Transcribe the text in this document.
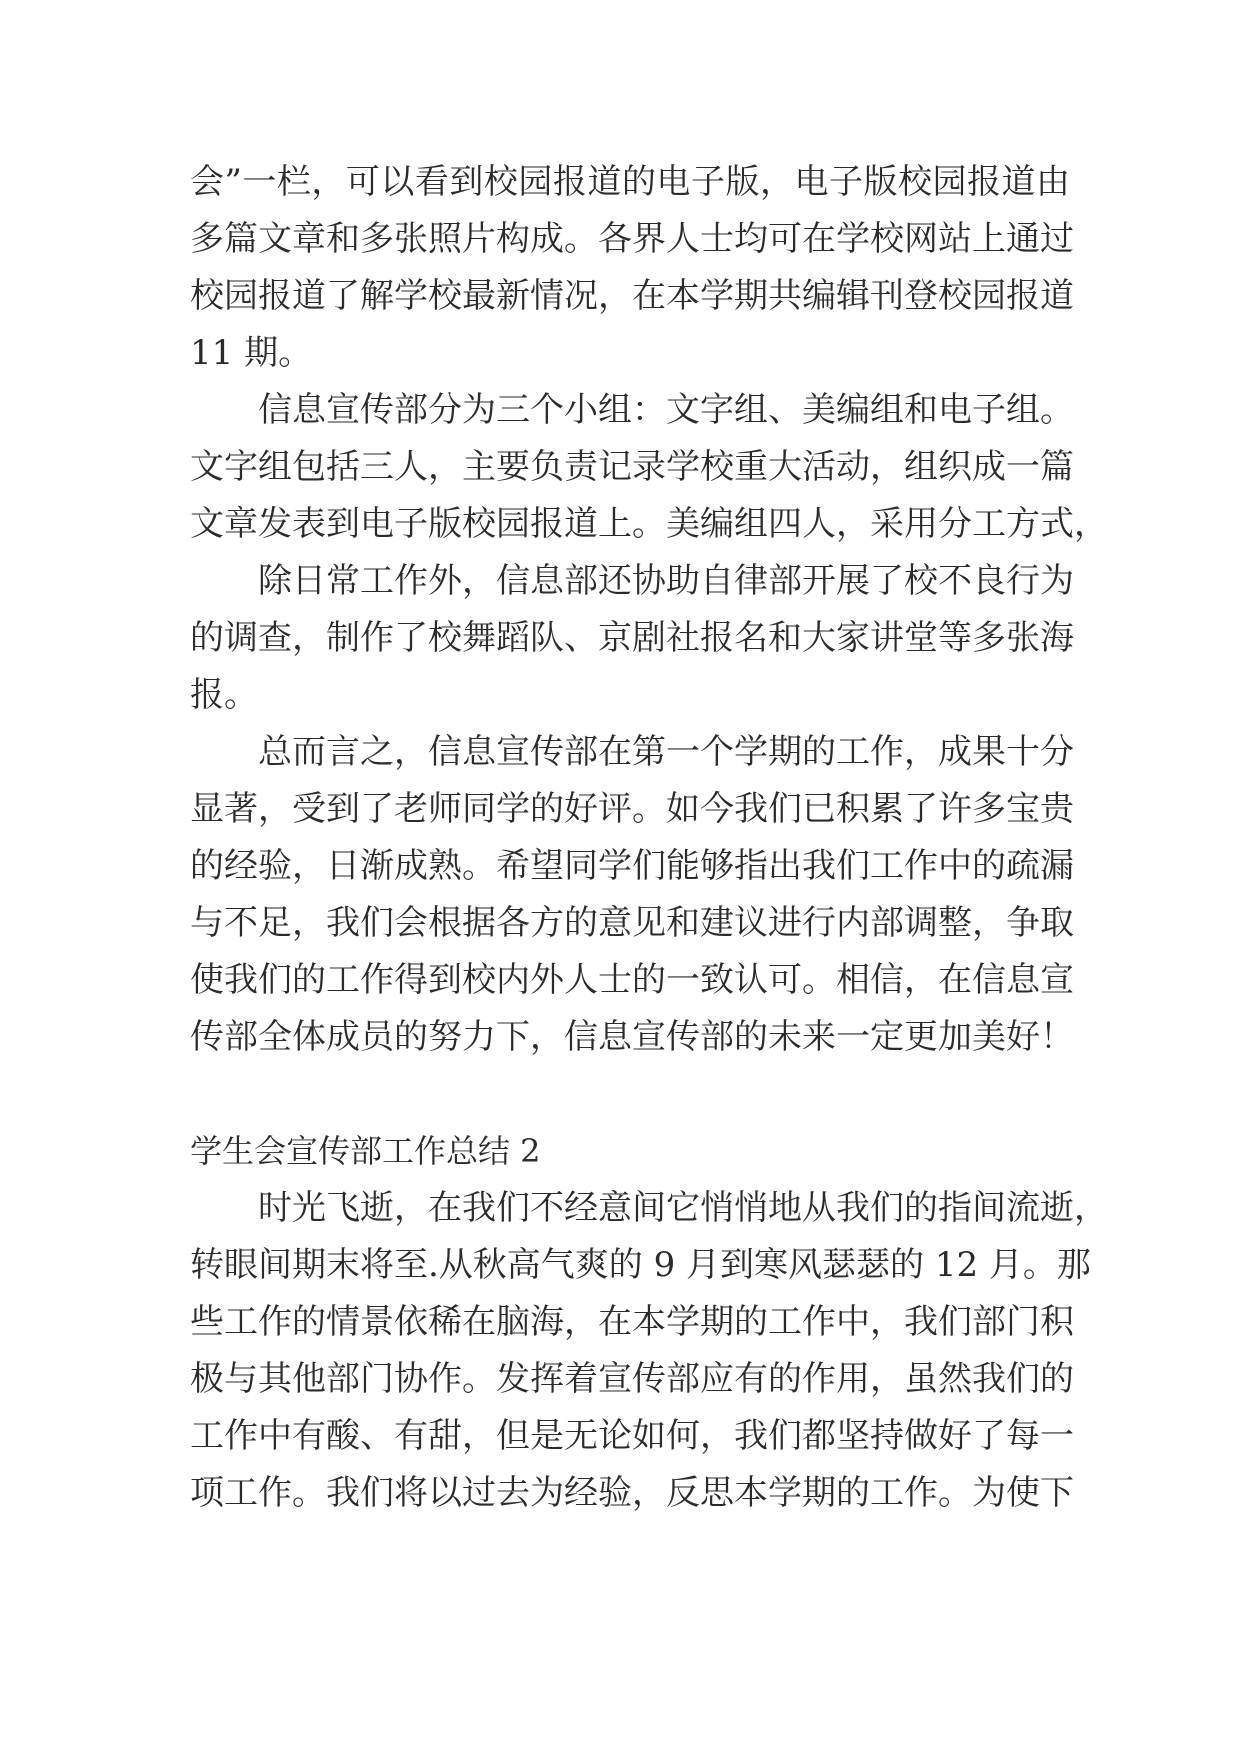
会”一栏，可以看到校园报道的电子版，电子版校园报道由
多篇文章和多张照片构成。各界人士均可在学校网站上通过
校园报道了解学校最新情况，在本学期共编辑刊登校园报道
11 期。
信息宣传部分为三个小组：文字组、美编组和电子组。
文字组包括三人，主要负责记录学校重大活动，组织成一篇
文章发表到电子版校园报道上。美编组四人，采用分工方式，
除日常工作外，信息部还协助自律部开展了校不良行为
的调查，制作了校舞蹈队、京剧社报名和大家讲堂等多张海
报。
总而言之，信息宣传部在第一个学期的工作，成果十分
显著，受到了老师同学的好评。如今我们已积累了许多宝贵
的经验，日渐成熟。希望同学们能够指出我们工作中的疏漏
与不足，我们会根据各方的意见和建议进行内部调整，争取
使我们的工作得到校内外人士的一致认可。相信，在信息宣
传部全体成员的努力下，信息宣传部的未来一定更加美好！
学生会宣传部工作总结 2
时光飞逝，在我们不经意间它悄悄地从我们的指间流逝，
转眼间期末将至.从秋高气爽的 9 月到寒风瑟瑟的 12 月。那
些工作的情景依稀在脑海，在本学期的工作中，我们部门积
极与其他部门协作。发挥着宣传部应有的作用，虽然我们的
工作中有酸、有甜，但是无论如何，我们都坚持做好了每一
项工作。我们将以过去为经验，反思本学期的工作。为使下
